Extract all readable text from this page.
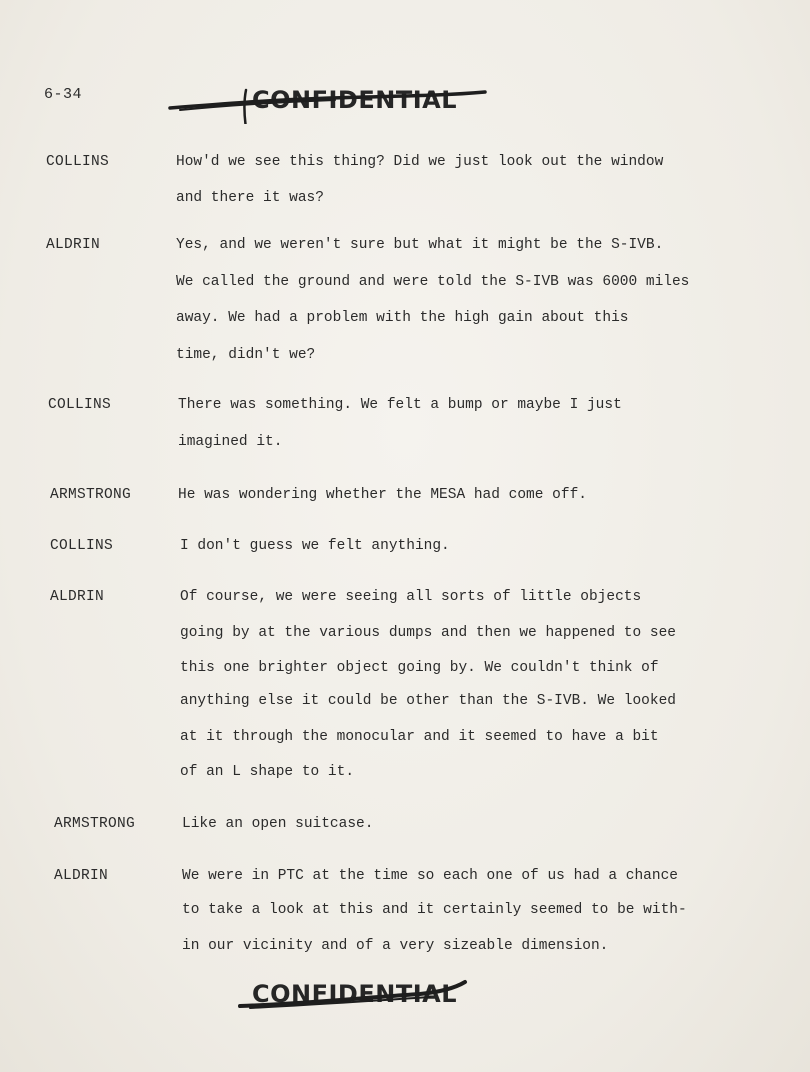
6-34	CONFIDENTIAL
COLLINS	How'd we see this thing? Did we just look out the window
and there it was?
ALDRIN	Yes, and we weren't sure but what it might be the S-IVB.
We called the ground and were told the S-IVB was 6000 miles
away. We had a problem with the high gain about this
time, didn't we?
COLLINS	There was something. We felt a bump or maybe I just
imagined it.
ARMSTRONG	He was wondering whether the MESA had come off.
COLLINS	I don't guess we felt anything.
ALDRIN	Of course, we were seeing all sorts of little objects
going by at the various dumps and then we happened to see
this one brighter object going by. We couldn't think of
anything else it could be other than the S-IVB. We looked
at it through the monocular and it seemed to have a bit
of an L shape to it.
ARMSTRONG	Like an open suitcase.
ALDRIN	We were in PTC at the time so each one of us had a chance
to take a look at this and it certainly seemed to be with-
in our vicinity and of a very sizeable dimension.
CONFIDENTIAL
